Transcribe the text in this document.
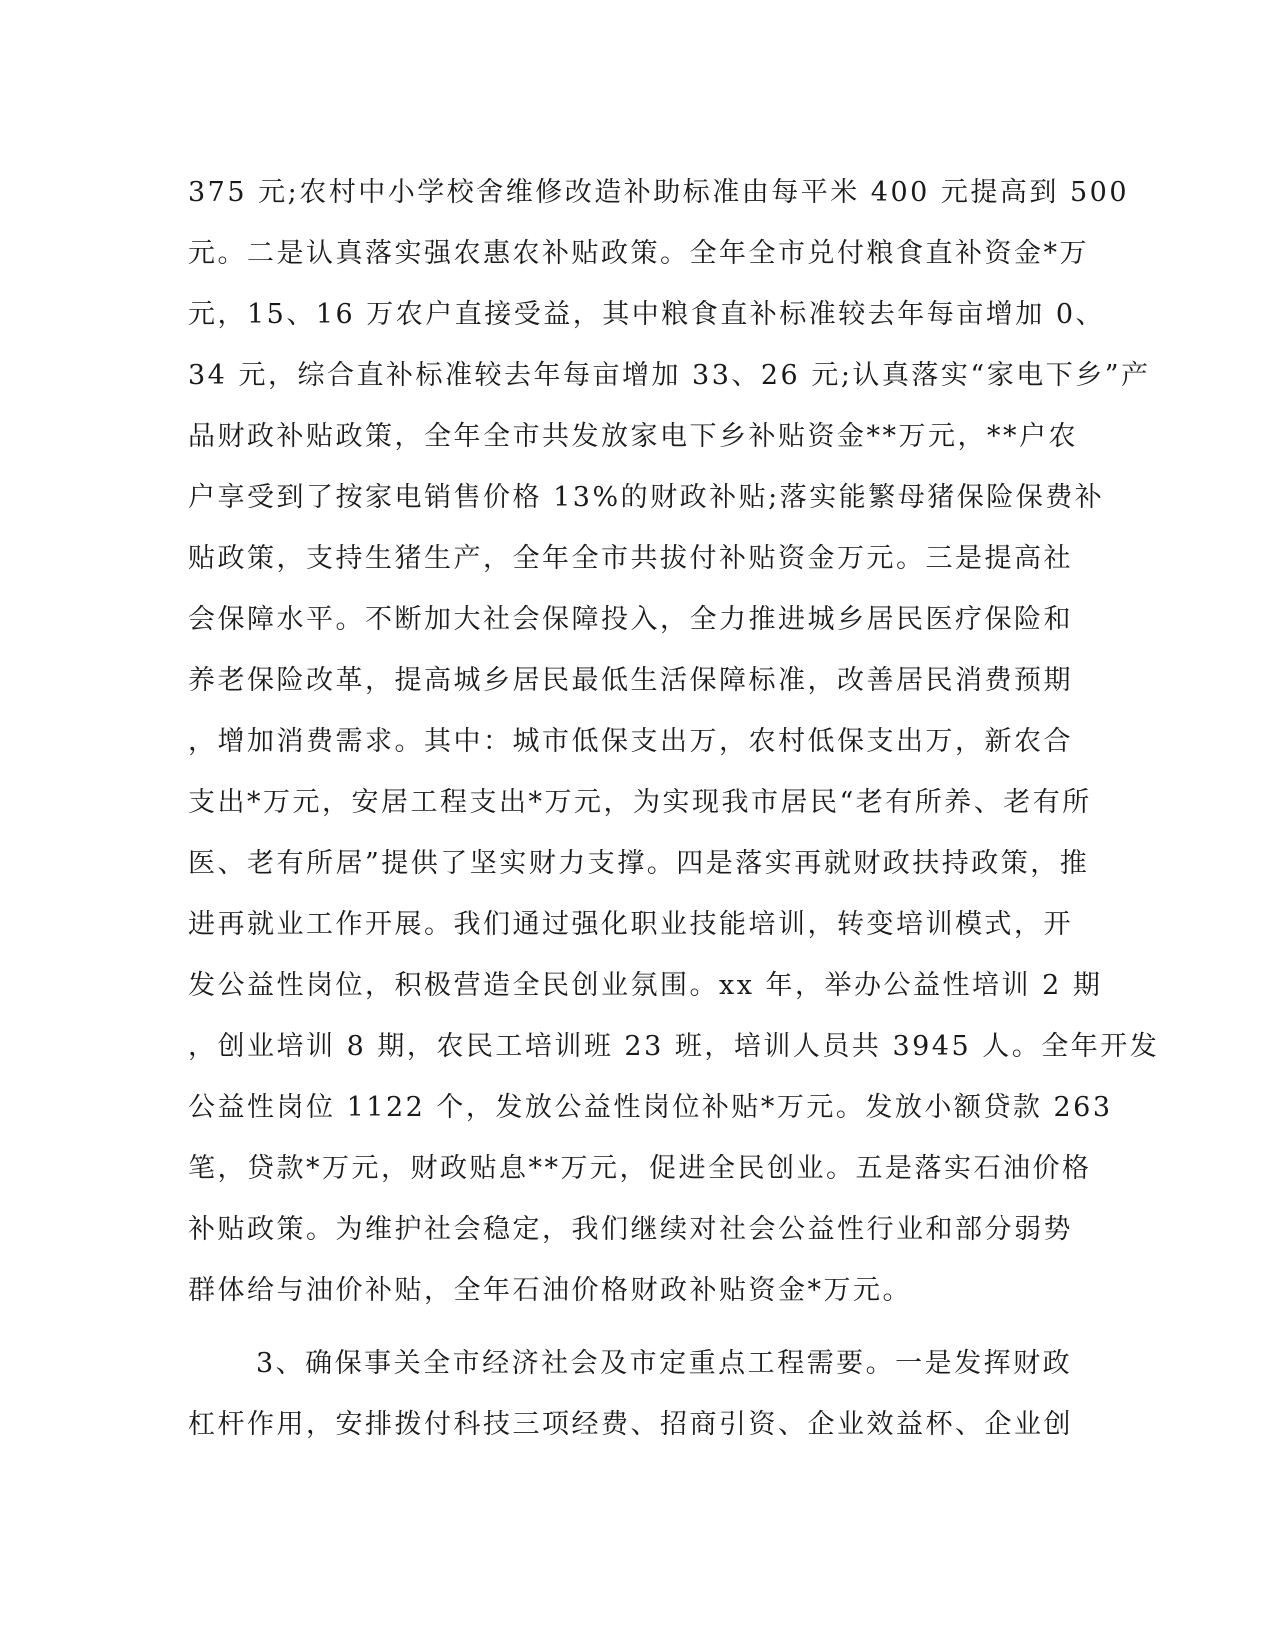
375 元;农村中小学校舍维修改造补助标准由每平米 400 元提高到 500
元。二是认真落实强农惠农补贴政策。全年全市兑付粮食直补资金*万
元，15、16 万农户直接受益，其中粮食直补标准较去年每亩增加 0、
34 元，综合直补标准较去年每亩增加 33、26 元;认真落实“家电下乡”产
品财政补贴政策，全年全市共发放家电下乡补贴资金**万元，**户农
户享受到了按家电销售价格 13%的财政补贴;落实能繁母猪保险保费补
贴政策，支持生猪生产，全年全市共拔付补贴资金万元。三是提高社
会保障水平。不断加大社会保障投入，全力推进城乡居民医疗保险和
养老保险改革，提高城乡居民最低生活保障标准，改善居民消费预期
，增加消费需求。其中：城市低保支出万，农村低保支出万，新农合
支出*万元，安居工程支出*万元，为实现我市居民“老有所养、老有所
医、老有所居”提供了坚实财力支撑。四是落实再就财政扶持政策，推
进再就业工作开展。我们通过强化职业技能培训，转变培训模式，开
发公益性岗位，积极营造全民创业氛围。xx 年，举办公益性培训 2 期
，创业培训 8 期，农民工培训班 23 班，培训人员共 3945 人。全年开发
公益性岗位 1122 个，发放公益性岗位补贴*万元。发放小额贷款 263
笔，贷款*万元，财政贴息**万元，促进全民创业。五是落实石油价格
补贴政策。为维护社会稳定，我们继续对社会公益性行业和部分弱势
群体给与油价补贴，全年石油价格财政补贴资金*万元。
3、确保事关全市经济社会及市定重点工程需要。一是发挥财政
杠杆作用，安排拨付科技三项经费、招商引资、企业效益杯、企业创
